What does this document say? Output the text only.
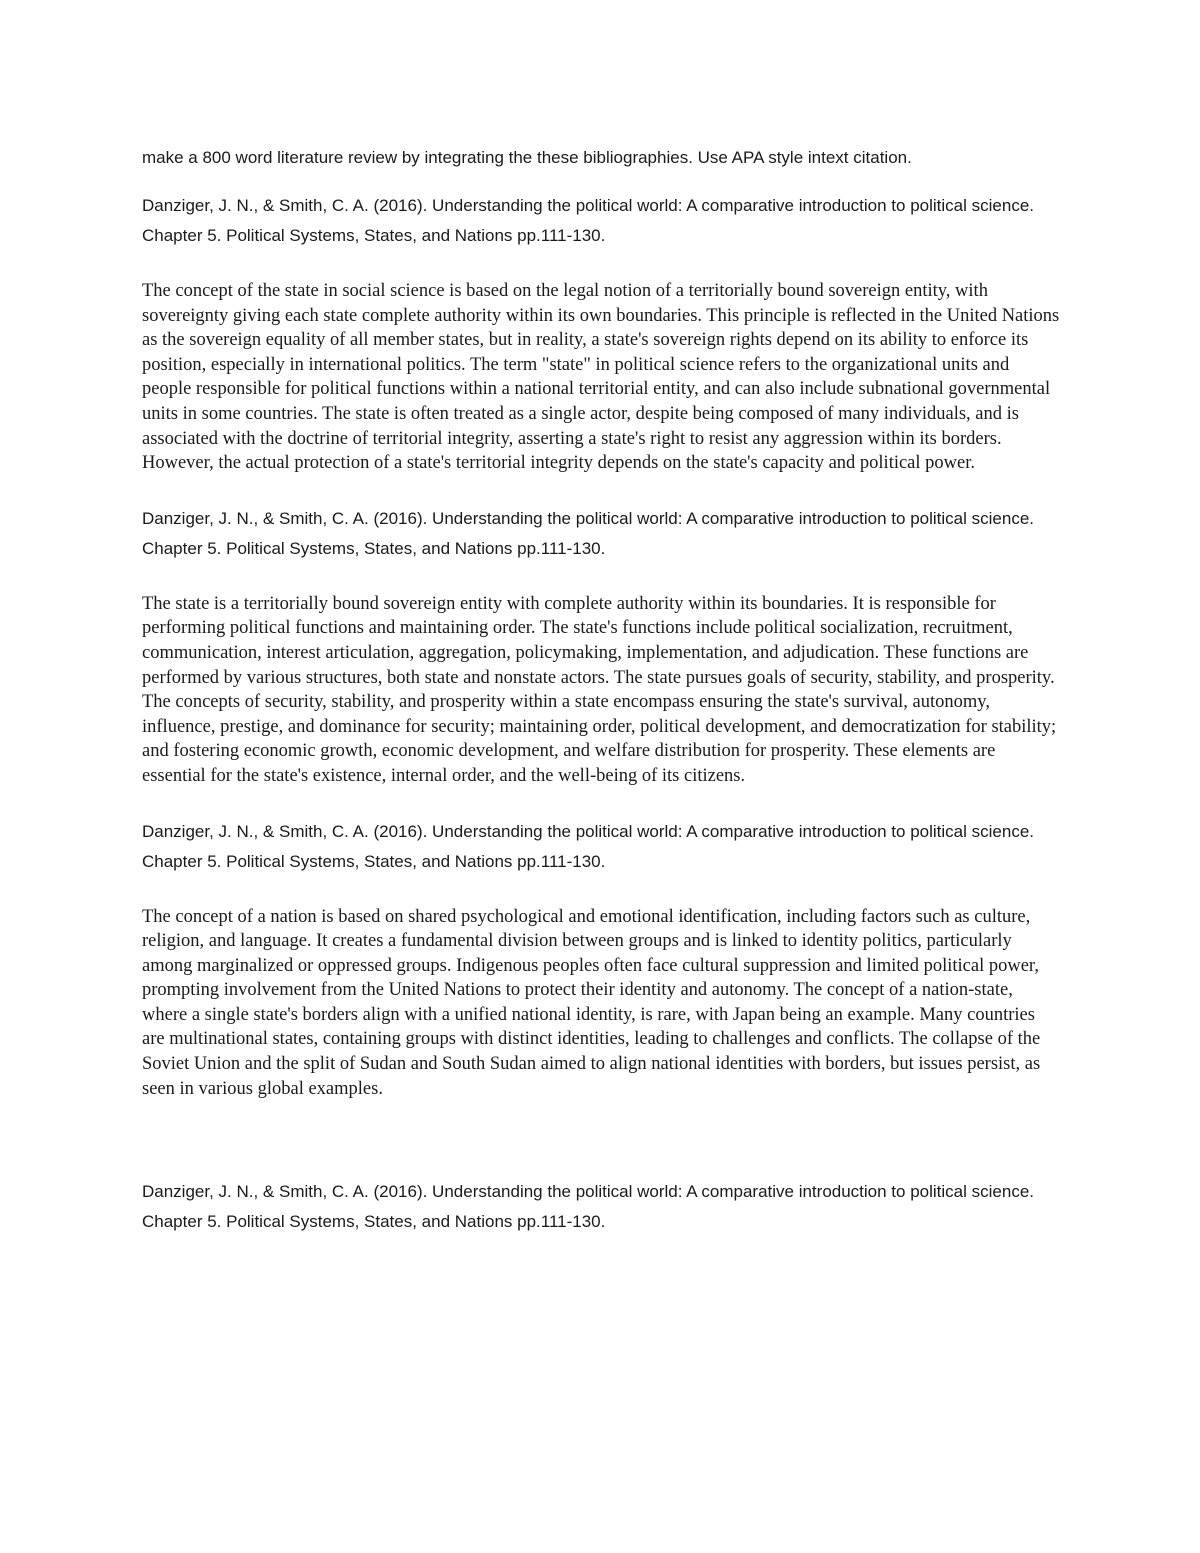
make a 800 word literature review by integrating the these bibliographies. Use APA style intext citation.

Danziger, J. N., & Smith, C. A. (2016). Understanding the political world: A comparative introduction to political science. Chapter 5. Political Systems, States, and Nations pp.111-130.

The concept of the state in social science is based on the legal notion of a territorially bound sovereign entity, with sovereignty giving each state complete authority within its own boundaries. This principle is reflected in the United Nations as the sovereign equality of all member states, but in reality, a state's sovereign rights depend on its ability to enforce its position, especially in international politics. The term "state" in political science refers to the organizational units and people responsible for political functions within a national territorial entity, and can also include subnational governmental units in some countries. The state is often treated as a single actor, despite being composed of many individuals, and is associated with the doctrine of territorial integrity, asserting a state's right to resist any aggression within its borders. However, the actual protection of a state's territorial integrity depends on the state's capacity and political power.

Danziger, J. N., & Smith, C. A. (2016). Understanding the political world: A comparative introduction to political science. Chapter 5. Political Systems, States, and Nations pp.111-130.

The state is a territorially bound sovereign entity with complete authority within its boundaries. It is responsible for performing political functions and maintaining order. The state's functions include political socialization, recruitment, communication, interest articulation, aggregation, policymaking, implementation, and adjudication. These functions are performed by various structures, both state and nonstate actors. The state pursues goals of security, stability, and prosperity. The concepts of security, stability, and prosperity within a state encompass ensuring the state's survival, autonomy, influence, prestige, and dominance for security; maintaining order, political development, and democratization for stability; and fostering economic growth, economic development, and welfare distribution for prosperity. These elements are essential for the state's existence, internal order, and the well-being of its citizens.

Danziger, J. N., & Smith, C. A. (2016). Understanding the political world: A comparative introduction to political science. Chapter 5. Political Systems, States, and Nations pp.111-130.

The concept of a nation is based on shared psychological and emotional identification, including factors such as culture, religion, and language. It creates a fundamental division between groups and is linked to identity politics, particularly among marginalized or oppressed groups. Indigenous peoples often face cultural suppression and limited political power, prompting involvement from the United Nations to protect their identity and autonomy. The concept of a nation-state, where a single state's borders align with a unified national identity, is rare, with Japan being an example. Many countries are multinational states, containing groups with distinct identities, leading to challenges and conflicts. The collapse of the Soviet Union and the split of Sudan and South Sudan aimed to align national identities with borders, but issues persist, as seen in various global examples.

Danziger, J. N., & Smith, C. A. (2016). Understanding the political world: A comparative introduction to political science. Chapter 5. Political Systems, States, and Nations pp.111-130.
